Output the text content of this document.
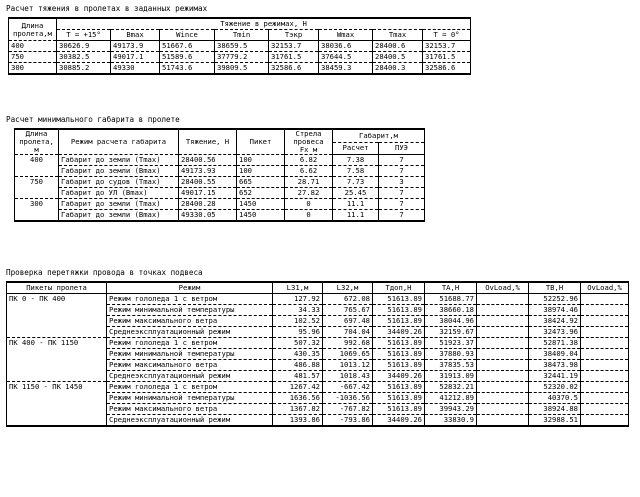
Расчет тяжения в пролетах в заданных режимах
Длина пролета,м	Тяжение в режимах, Н							
	T = +15°	Bmax	Wincе	Tmin	Tэкр	Wmax	Tmax	T = 0°
400	30626.9	49173.9	51667.6	38659.5	32153.7	38036.6	28400.6	32153.7
750	30382.5	49017.1	51589.6	37779.2	31761.5	37644.5	28400.5	31761.5
300	30885.2	49330	51743.6	39809.5	32586.6	38459.3	28400.3	32586.6
Расчет минимального габарита в пролете
Длина пролета, м	Режим расчета габарита	Тяжение, Н	Пикет	Стрела провеса Fx м	Габарит,м	
					Расчет	ПУЭ
400	Габарит до земли (Tmax)	28400.56	100	6.82	7.38	7
	Габарит до земли (Bmax)	49173.93	100	6.62	7.58	7
750	Габарит до судов (Tmax)	28400.55	665	28.71	7.73	3
	Габарит до УЛ (Bmax)	49017.15	652	27.82	25.45	7
300	Габарит до земли (Tmax)	28400.28	1450	0	11.1	7
	Габарит до земли (Bmax)	49330.05	1450	0	11.1	7
Проверка перетяжки провода в точках подвеса
Пикеты пролета	Режим	L31,м	L32,м	Tдоп,Н	TA,Н	OvLoad,%	TB,Н	OvLoad,%
ПК 0 - ПК 400	Режим гололеда 1 с ветром	127.92	672.08	51613.89	51688.77		52252.96	
	Режим минимальной температуры	34.33	765.67	51613.89	38660.18		38974.46	
	Режим максимального ветра	102.52	697.48	51613.89	38044.96		38424.92	
	Среднеэксплуатационный режим	95.96	704.04	34409.26	32159.67		32473.96	
ПК 400 - ПК 1150	Режим гололеда 1 с ветром	507.32	992.68	51613.89	51923.37		52871.38	
	Режим минимальной температуры	430.35	1069.65	51613.89	37880.93		38409.04	
	Режим максимального ветра	486.88	1013.12	51613.89	37835.53		38473.98	
	Среднеэксплуатационный режим	481.57	1018.43	34409.26	31913.09		32441.19	
ПК 1150 - ПК 1450	Режим гололеда 1 с ветром	1267.42	-667.42	51613.89	52832.21		52320.02	
	Режим минимальной температуры	1636.56	-1036.56	51613.89	41212.89		40370.5	
	Режим максимального ветра	1367.82	-767.82	51613.89	39943.29		38924.88	
	Среднеэксплуатационный режим	1393.86	-793.86	34409.26	33830.9		32988.51	
